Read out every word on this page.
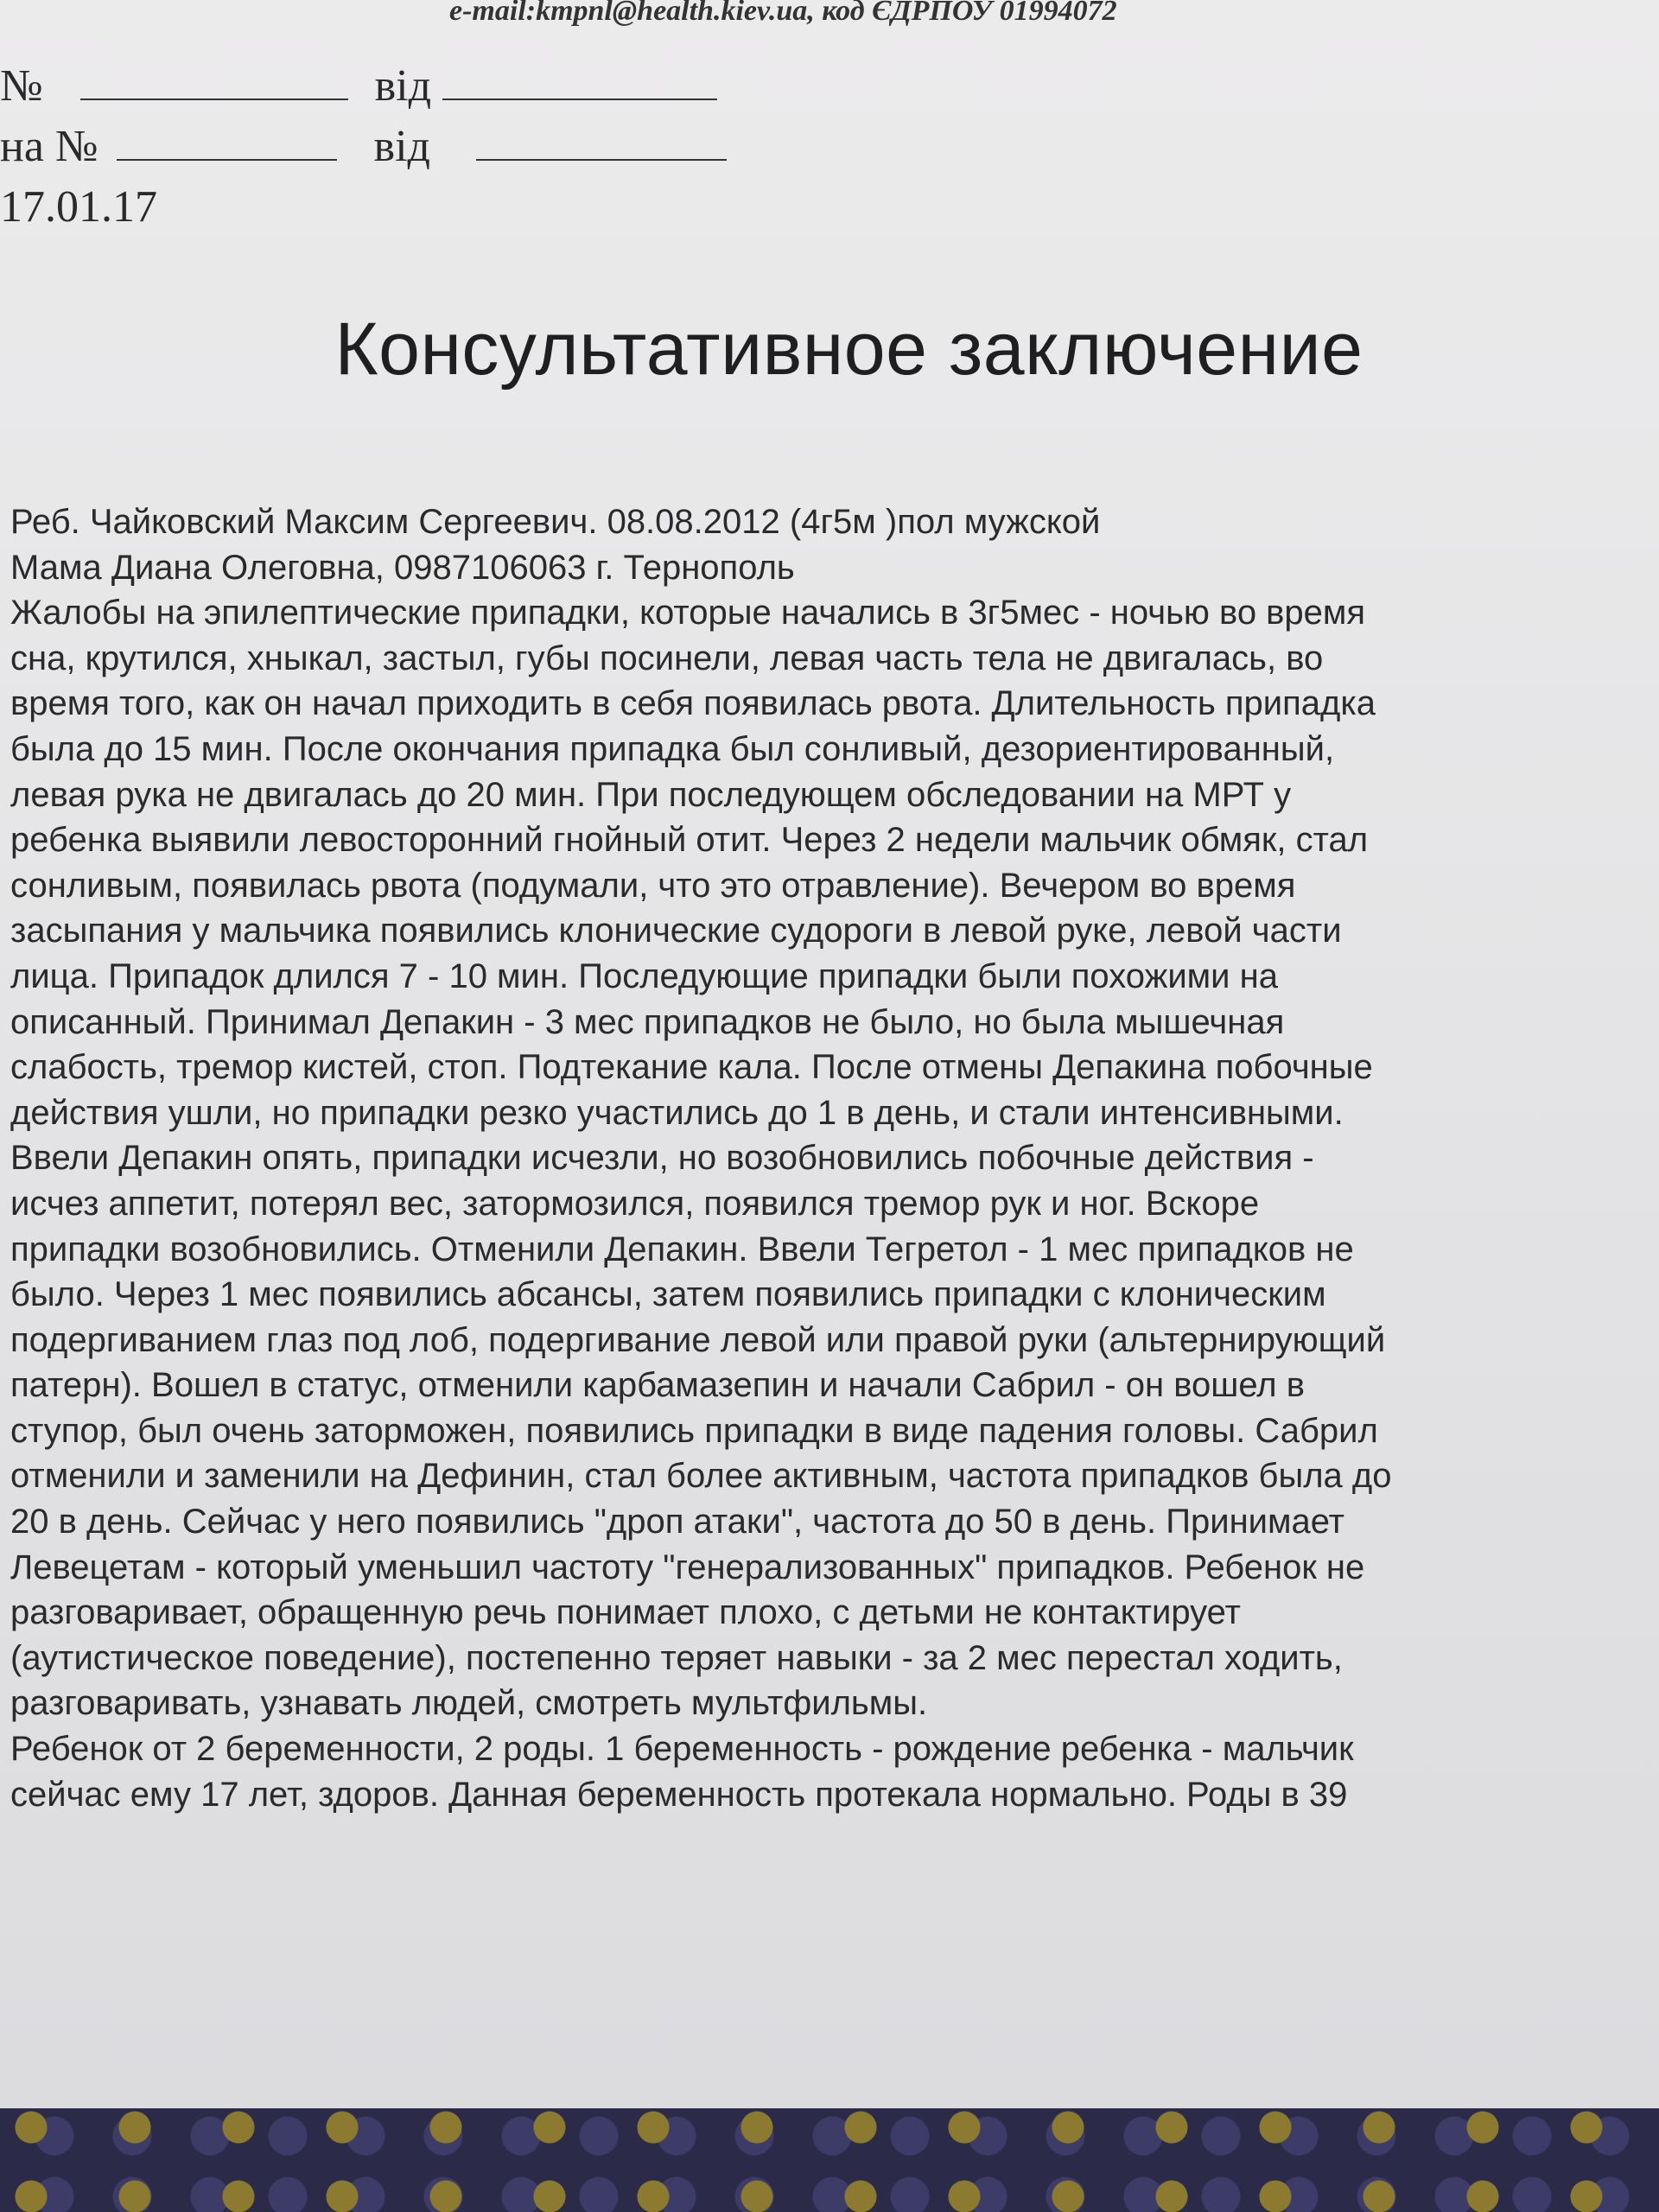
e-mail:kmpnl@health.kiev.ua, код ЄДРПОУ 01994072
№	від
на №	від
17.01.17
Консультативное заключение
Реб. Чайковский Максим Сергеевич. 08.08.2012 (4г5м )пол мужской
Мама Диана Олеговна, 0987106063 г. Тернополь
Жалобы на эпилептические припадки, которые начались в 3г5мес - ночью во время
сна, крутился, хныкал, застыл, губы посинели, левая часть тела не двигалась, во
время того, как он начал приходить в себя появилась рвота. Длительность припадка
была до 15 мин. После окончания припадка был сонливый, дезориентированный,
левая рука не двигалась до 20 мин. При последующем обследовании на МРТ у
ребенка выявили левосторонний гнойный отит. Через 2 недели мальчик обмяк, стал
сонливым, появилась рвота (подумали, что это отравление). Вечером во время
засыпания у мальчика появились клонические судороги в левой руке, левой части
лица. Припадок длился 7 - 10 мин. Последующие припадки были похожими на
описанный. Принимал Депакин - 3 мес припадков не было, но была мышечная
слабость, тремор кистей, стоп. Подтекание кала. После отмены Депакина побочные
действия ушли, но припадки резко участились до 1 в день, и стали интенсивными.
Ввели Депакин опять, припадки исчезли, но возобновились побочные действия -
исчез аппетит, потерял вес, затормозился, появился тремор рук и ног. Вскоре
припадки возобновились. Отменили Депакин. Ввели Тегретол - 1 мес припадков не
было. Через 1 мес появились абсансы, затем появились припадки с клоническим
подергиванием глаз под лоб, подергивание левой или правой руки (альтернирующий
патерн). Вошел в статус, отменили карбамазепин и начали Сабрил - он вошел в
ступор, был очень заторможен, появились припадки в виде падения головы. Сабрил
отменили и заменили на Дефинин, стал более активным, частота припадков была до
20 в день. Сейчас у него появились "дроп атаки", частота до 50 в день. Принимает
Левецетам - который уменьшил частоту "генерализованных" припадков. Ребенок не
разговаривает, обращенную речь понимает плохо, с детьми не контактирует
(аутистическое поведение), постепенно теряет навыки - за 2 мес перестал ходить,
разговаривать, узнавать людей, смотреть мультфильмы.
Ребенок от 2 беременности, 2 роды. 1 беременность - рождение ребенка - мальчик
сейчас ему 17 лет, здоров. Данная беременность протекала нормально. Роды в 39
